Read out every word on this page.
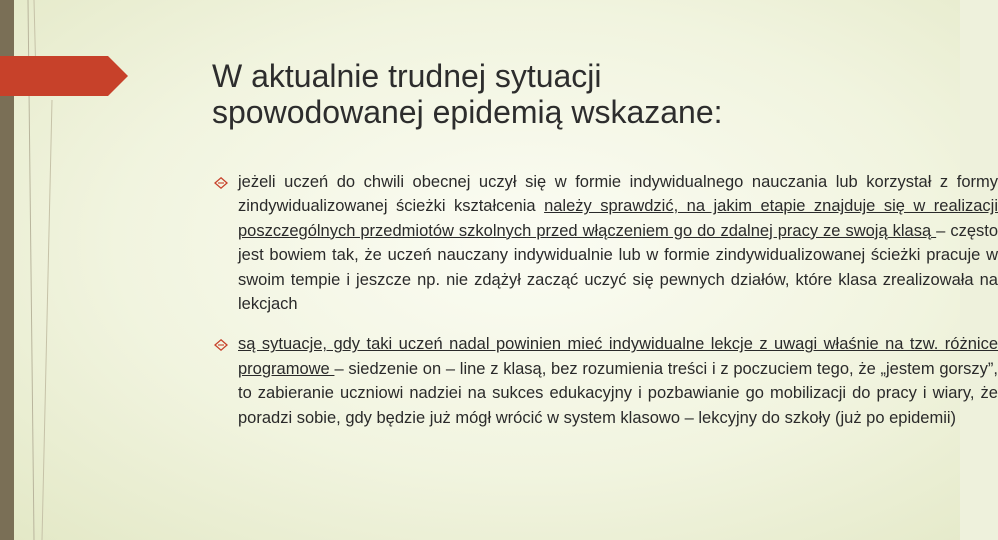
W aktualnie trudnej sytuacji
spowodowanej epidemią wskazane:
jeżeli uczeń do chwili obecnej uczył się w formie indywidualnego nauczania lub korzystał z formy zindywidualizowanej ścieżki kształcenia należy sprawdzić, na jakim etapie znajduje się w realizacji poszczególnych przedmiotów szkolnych przed włączeniem go do zdalnej pracy ze swoją klasą – często jest bowiem tak, że uczeń nauczany indywidualnie lub w formie zindywidualizowanej ścieżki pracuje w swoim tempie i jeszcze np. nie zdążył zacząć uczyć się pewnych działów, które klasa zrealizowała na lekcjach
są sytuacje, gdy taki uczeń nadal powinien mieć indywidualne lekcje z uwagi właśnie na tzw. różnice programowe – siedzenie on – line z klasą, bez rozumienia treści i z poczuciem tego, że „jestem gorszy”, to zabieranie uczniowi nadziei na sukces edukacyjny i pozbawianie go mobilizacji do pracy i wiary, że poradzi sobie, gdy będzie już mógł wrócić w system klasowo – lekcyjny do szkoły (już po epidemii)
